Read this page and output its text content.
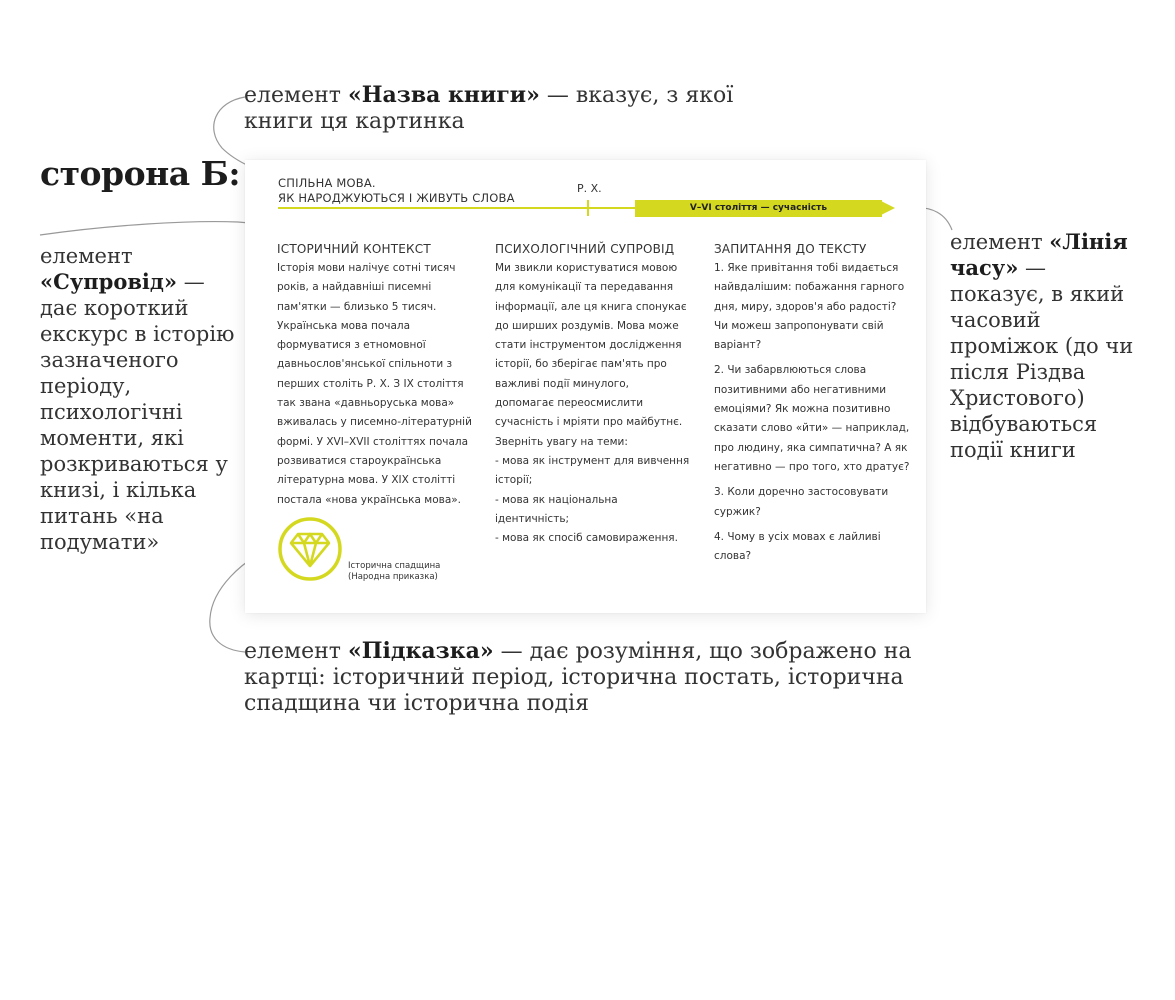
сторона Б:
елемент «Назва книги» — вказує, з якої книги ця картинка
елемент «Супровід» — дає короткий екскурс в історію зазначеного періоду, психологічні моменти, які розкриваються у книзі, і кілька питань «на подумати»
елемент «Лінія часу» — показує, в який часовий проміжок (до чи після Різдва Христового) відбуваються події книги
елемент «Підказка» — дає розуміння, що зображено на картці: історичний період, історична постать, історична спадщина чи історична подія
СПІЛЬНА МОВА.
ЯК НАРОДЖУЮТЬСЯ І ЖИВУТЬ СЛОВА
Р. Х.
V–VI століття — сучасність
ІСТОРИЧНИЙ КОНТЕКСТ

Історія мови налічує сотні тисяч років, а найдавніші писемні пам'ятки — близько 5 тисяч. Українська мова почала формуватися з етномовної давньослов'янської спільноти з перших століть Р. Х. З IX століття так звана «давньоруська мова» вживалась у писемно-літературній формі. У XVI–XVII століттях почала розвиватися староукраїнська літературна мова. У XIX столітті постала «нова українська мова».

ПСИХОЛОГІЧНИЙ СУПРОВІД

Ми звикли користуватися мовою для комунікації та передавання інформації, але ця книга спонукає до ширших роздумів. Мова може стати інструментом дослідження історії, бо зберігає пам'ять про важливі події минулого, допомагає переосмислити сучасність і мріяти про майбутнє. Зверніть увагу на теми:

- мова як інструмент для вивчення історії;

- мова як національна ідентичність;

- мова як спосіб самовираження.

ЗАПИТАННЯ ДО ТЕКСТУ

1. Яке привітання тобі видається найвдалішим: побажання гарного дня, миру, здоров'я або радості? Чи можеш запропонувати свій варіант?

2. Чи забарвлюються слова позитивними або негативними емоціями? Як можна позитивно сказати слово «йти» — наприклад, про людину, яка симпатична? А як негативно — про того, хто дратує?

3. Коли доречно застосовувати суржик?

4. Чому в усіх мовах є лайливі слова?

Історична спадщина
(Народна приказка)
